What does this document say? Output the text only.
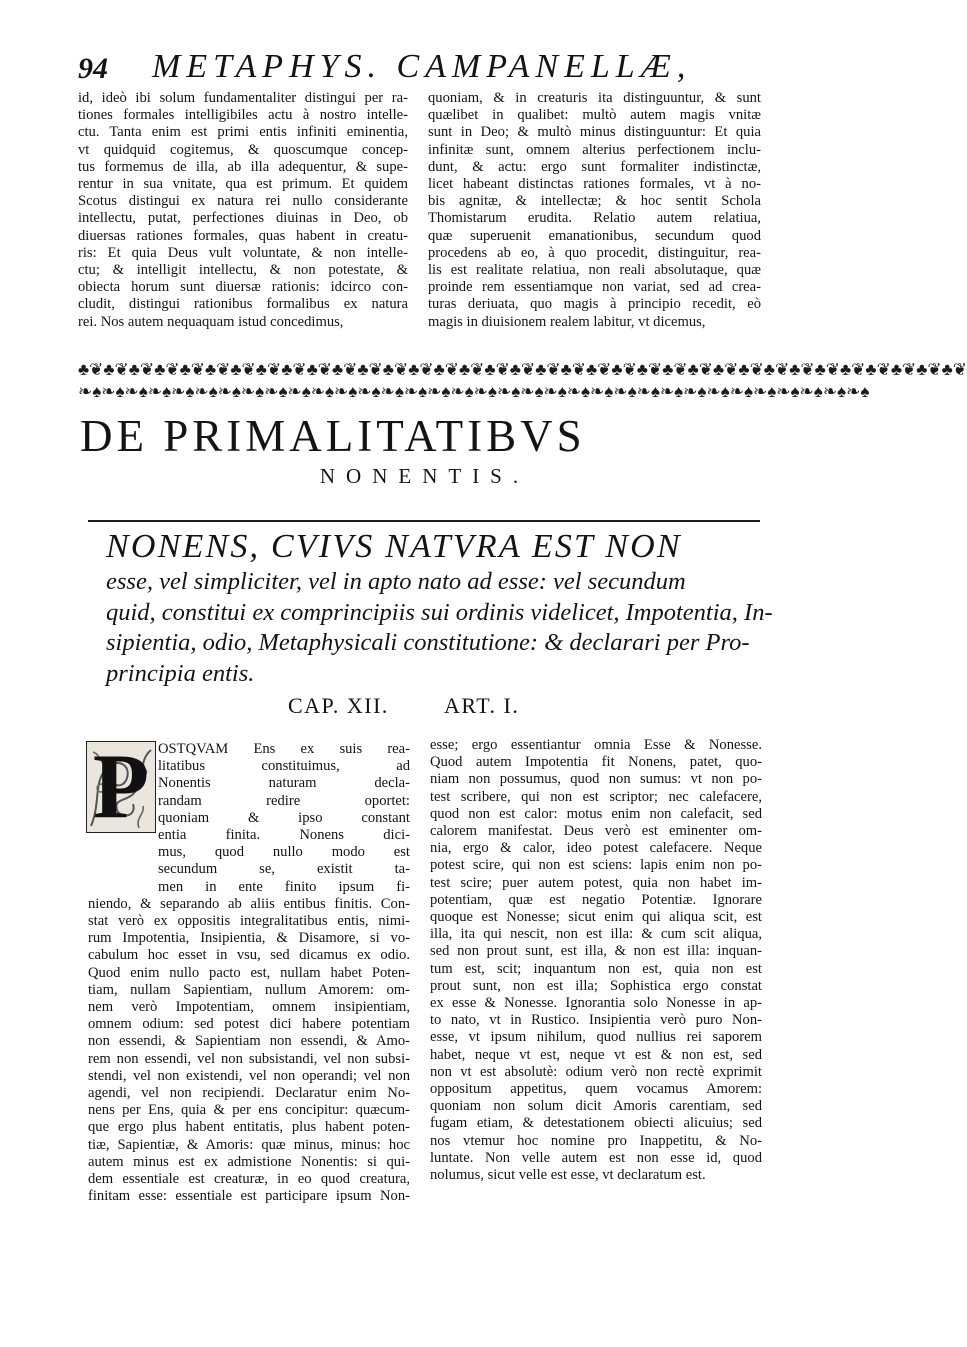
94 METAPHYS. CAMPANELLÆ,
id, ideò ibi solum fundamentaliter distingui per ra-
tiones formales intelligibiles actu à nostro intelle-
ctu. Tanta enim est primi entis infiniti eminentia,
vt quidquid cogitemus, & quoscumque concep-
tus formemus de illa, ab illa adequentur, & supe-
rentur in sua vnitate, qua est primum. Et quidem
Scotus distingui ex natura rei nullo considerante
intellectu, putat, perfectiones diuinas in Deo, ob
diuersas rationes formales, quas habent in creatu-
ris: Et quia Deus vult voluntate, & non intelle-
ctu; & intelligit intellectu, & non potestate, &
obiecta horum sunt diuersæ rationis: idcirco con-
cludit, distingui rationibus formalibus ex natura
rei. Nos autem nequaquam istud concedimus,
quoniam, & in creaturis ita distinguuntur, & sunt
quælibet in qualibet: multò autem magis vnitæ
sunt in Deo; & multò minus distinguuntur: Et quia
infinitæ sunt, omnem alterius perfectionem inclu-
dunt, & actu: ergo sunt formaliter indistinctæ,
licet habeant distinctas rationes formales, vt à no-
bis agnitæ, & intellectæ; & hoc sentit Schola
Thomistarum erudita. Relatio autem relatiua,
quæ superuenit emanationibus, secundum quod
procedens ab eo, à quo procedit, distinguitur, rea-
lis est realitate relatiua, non reali absolutaque, quæ
proinde rem essentiamque non variat, sed ad crea-
turas deriuata, quo magis à principio recedit, eò
magis in diuisionem realem labitur, vt dicemus,
♣❦♣❦♣❦♣❦♣❦♣❦♣❦♣❦♣❦♣❦♣❦♣❦♣❦♣❦♣❦♣❦♣❦♣❦♣❦♣❦♣❦♣❦♣❦♣❦♣❦♣❦♣❦♣❦♣❦♣❦♣❦♣❦♣❦♣❦♣❦
❧♠❧♠❧♠❧♠❧♠❧♠❧♠❧♠❧♠❧♠❧♠❧♠❧♠❧♠❧♠❧♠❧♠❧♠❧♠❧♠❧♠❧♠❧♠❧♠❧♠❧♠❧♠❧♠❧♠❧♠❧♠❧♠❧♠❧♠
DE PRIMALITATIBVS
NONENTIS.
NONENS, CVIVS NATVRA EST NON
esse, vel simpliciter, vel in apto nato ad esse: vel secundum
quid, constitui ex comprincipiis sui ordinis videlicet, Impotentia, In-
sipientia, odio, Metaphysicali constitutione: & declarari per Pro-
principia entis.
CAP. XII.	ART. I.
OSTQVAM Ens ex suis rea-
litatibus constituimus, ad
Nonentis naturam decla-
randam redire oportet:
quoniam & ipso constant
entia finita. Nonens dici-
mus, quod nullo modo est
secundum se, existit ta-
men in ente finito ipsum fi-
niendo, & separando ab aliis entibus finitis. Con-
stat verò ex oppositis integralitatibus entis, nimi-
rum Impotentia, Insipientia, & Disamore, si vo-
cabulum hoc esset in vsu, sed dicamus ex odio.
Quod enim nullo pacto est, nullam habet Poten-
tiam, nullam Sapientiam, nullum Amorem: om-
nem verò Impotentiam, omnem insipientiam,
omnem odium: sed potest dici habere potentiam
non essendi, & Sapientiam non essendi, & Amo-
rem non essendi, vel non subsistandi, vel non subsi-
stendi, vel non existendi, vel non operandi; vel non
agendi, vel non recipiendi. Declaratur enim No-
nens per Ens, quia & per ens concipitur: quæcum-
que ergo plus habent entitatis, plus habent poten-
tiæ, Sapientiæ, & Amoris: quæ minus, minus: hoc
autem minus est ex admistione Nonentis: si qui-
dem essentiale est creaturæ, in eo quod creatura,
finitam esse: essentiale est participare ipsum Non-
esse; ergo essentiantur omnia Esse & Nonesse.
Quod autem Impotentia fit Nonens, patet, quo-
niam non possumus, quod non sumus: vt non po-
test scribere, qui non est scriptor; nec calefacere,
quod non est calor: motus enim non calefacit, sed
calorem manifestat. Deus verò est eminenter om-
nia, ergo & calor, ideo potest calefacere. Neque
potest scire, qui non est sciens: lapis enim non po-
test scire; puer autem potest, quia non habet im-
potentiam, quæ est negatio Potentiæ. Ignorare
quoque est Nonesse; sicut enim qui aliqua scit, est
illa, ita qui nescit, non est illa: & cum scit aliqua,
sed non prout sunt, est illa, & non est illa: inquan-
tum est, scit; inquantum non est, quia non est
prout sunt, non est illa; Sophistica ergo constat
ex esse & Nonesse. Ignorantia solo Nonesse in ap-
to nato, vt in Rustico. Insipientia verò puro Non-
esse, vt ipsum nihilum, quod nullius rei saporem
habet, neque vt est, neque vt est & non est, sed
non vt est absolutè: odium verò non rectè exprimit
oppositum appetitus, quem vocamus Amorem:
quoniam non solum dicit Amoris carentiam, sed
fugam etiam, & detestationem obiecti alicuius; sed
nos vtemur hoc nomine pro Inappetitu, & No-
luntate. Non velle autem est non esse id, quod
nolumus, sicut velle est esse, vt declaratum est.
P
